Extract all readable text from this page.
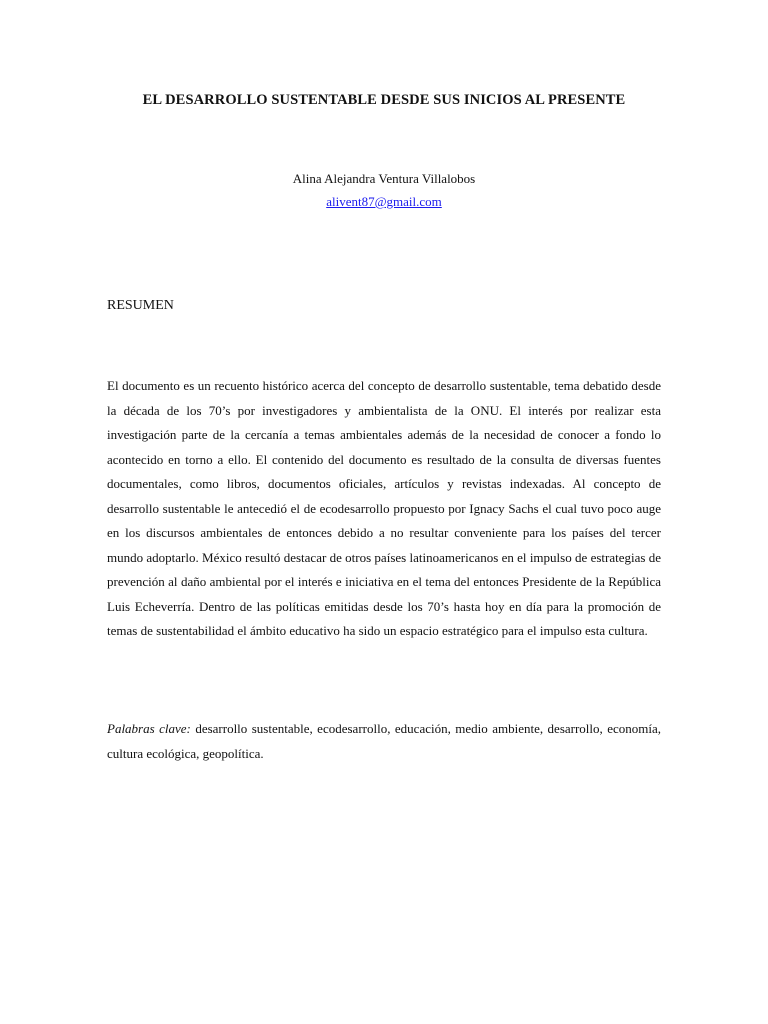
EL DESARROLLO SUSTENTABLE DESDE SUS INICIOS AL PRESENTE
Alina Alejandra Ventura Villalobos
alivent87@gmail.com
RESUMEN

El documento es un recuento histórico acerca del concepto de desarrollo sustentable, tema debatido desde la década de los 70’s por investigadores y ambientalista de la ONU. El interés por realizar esta investigación parte de la cercanía a temas ambientales además de la necesidad de conocer a fondo lo acontecido en torno a ello. El contenido del documento es resultado de la consulta de diversas fuentes documentales, como libros, documentos oficiales, artículos y revistas indexadas. Al concepto de desarrollo sustentable le antecedió el de ecodesarrollo propuesto por Ignacy Sachs el cual tuvo poco auge en los discursos ambientales de entonces debido a no resultar conveniente para los países del tercer mundo adoptarlo. México resultó destacar de otros países latinoamericanos en el impulso de estrategias de prevención al daño ambiental por el interés e iniciativa en el tema del entonces Presidente de la República Luis Echeverría. Dentro de las políticas emitidas desde los 70’s hasta hoy en día para la promoción de temas de sustentabilidad el ámbito educativo ha sido un espacio estratégico para el impulso esta cultura.

Palabras clave: desarrollo sustentable, ecodesarrollo, educación, medio ambiente, desarrollo, economía, cultura ecológica, geopolítica.
